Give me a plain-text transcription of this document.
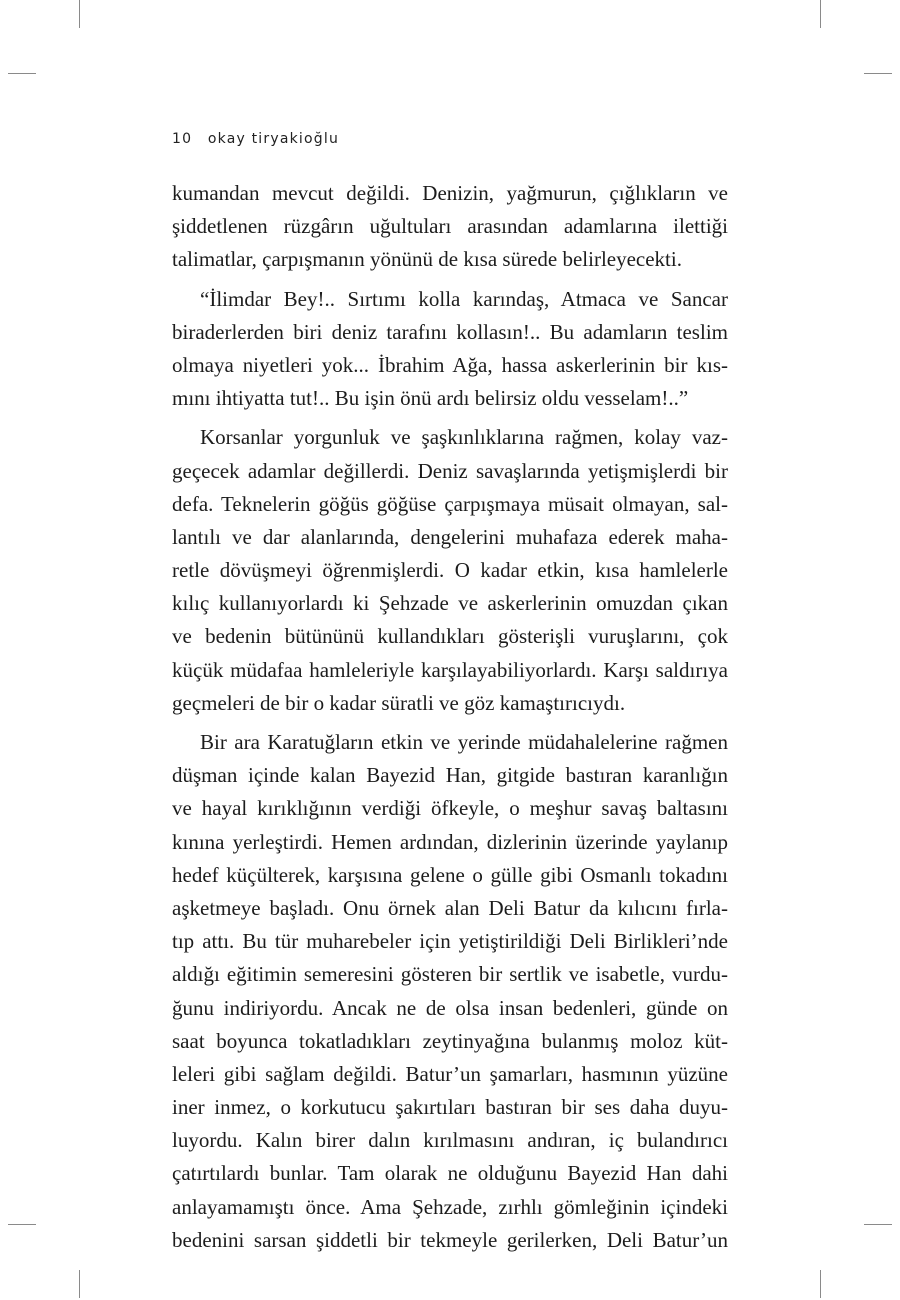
10 okay tiryakioğlu

kumandan mevcut değildi. Denizin, yağmurun, çığlıkların ve
şiddetlenen rüzgârın uğultuları arasından adamlarına ilettiği
talimatlar, çarpışmanın yönünü de kısa sürede belirleyecekti.

“İlimdar Bey!.. Sırtımı kolla karındaş, Atmaca ve Sancar
biraderlerden biri deniz tarafını kollasın!.. Bu adamların teslim
olmaya niyetleri yok... İbrahim Ağa, hassa askerlerinin bir kıs-
mını ihtiyatta tut!.. Bu işin önü ardı belirsiz oldu vesselam!..”

Korsanlar yorgunluk ve şaşkınlıklarına rağmen, kolay vaz-
geçecek adamlar değillerdi. Deniz savaşlarında yetişmişlerdi bir
defa. Teknelerin göğüs göğüse çarpışmaya müsait olmayan, sal-
lantılı ve dar alanlarında, dengelerini muhafaza ederek maha-
retle dövüşmeyi öğrenmişlerdi. O kadar etkin, kısa hamlelerle
kılıç kullanıyorlardı ki Şehzade ve askerlerinin omuzdan çıkan
ve bedenin bütününü kullandıkları gösterişli vuruşlarını, çok
küçük müdafaa hamleleriyle karşılayabiliyorlardı. Karşı saldırıya
geçmeleri de bir o kadar süratli ve göz kamaştırıcıydı.

Bir ara Karatuğların etkin ve yerinde müdahalelerine rağmen
düşman içinde kalan Bayezid Han, gitgide bastıran karanlığın
ve hayal kırıklığının verdiği öfkeyle, o meşhur savaş baltasını
kınına yerleştirdi. Hemen ardından, dizlerinin üzerinde yaylanıp
hedef küçülterek, karşısına gelene o gülle gibi Osmanlı tokadını
aşketmeye başladı. Onu örnek alan Deli Batur da kılıcını fırla-
tıp attı. Bu tür muharebeler için yetiştirildiği Deli Birlikleri’nde
aldığı eğitimin semeresini gösteren bir sertlik ve isabetle, vurdu-
ğunu indiriyordu. Ancak ne de olsa insan bedenleri, günde on
saat boyunca tokatladıkları zeytinyağına bulanmış moloz küt-
leleri gibi sağlam değildi. Batur’un şamarları, hasmının yüzüne
iner inmez, o korkutucu şakırtıları bastıran bir ses daha duyu-
luyordu. Kalın birer dalın kırılmasını andıran, iç bulandırıcı
çatırtılardı bunlar. Tam olarak ne olduğunu Bayezid Han dahi
anlayamamıştı önce. Ama Şehzade, zırhlı gömleğinin içindeki
bedenini sarsan şiddetli bir tekmeyle gerilerken, Deli Batur’un
